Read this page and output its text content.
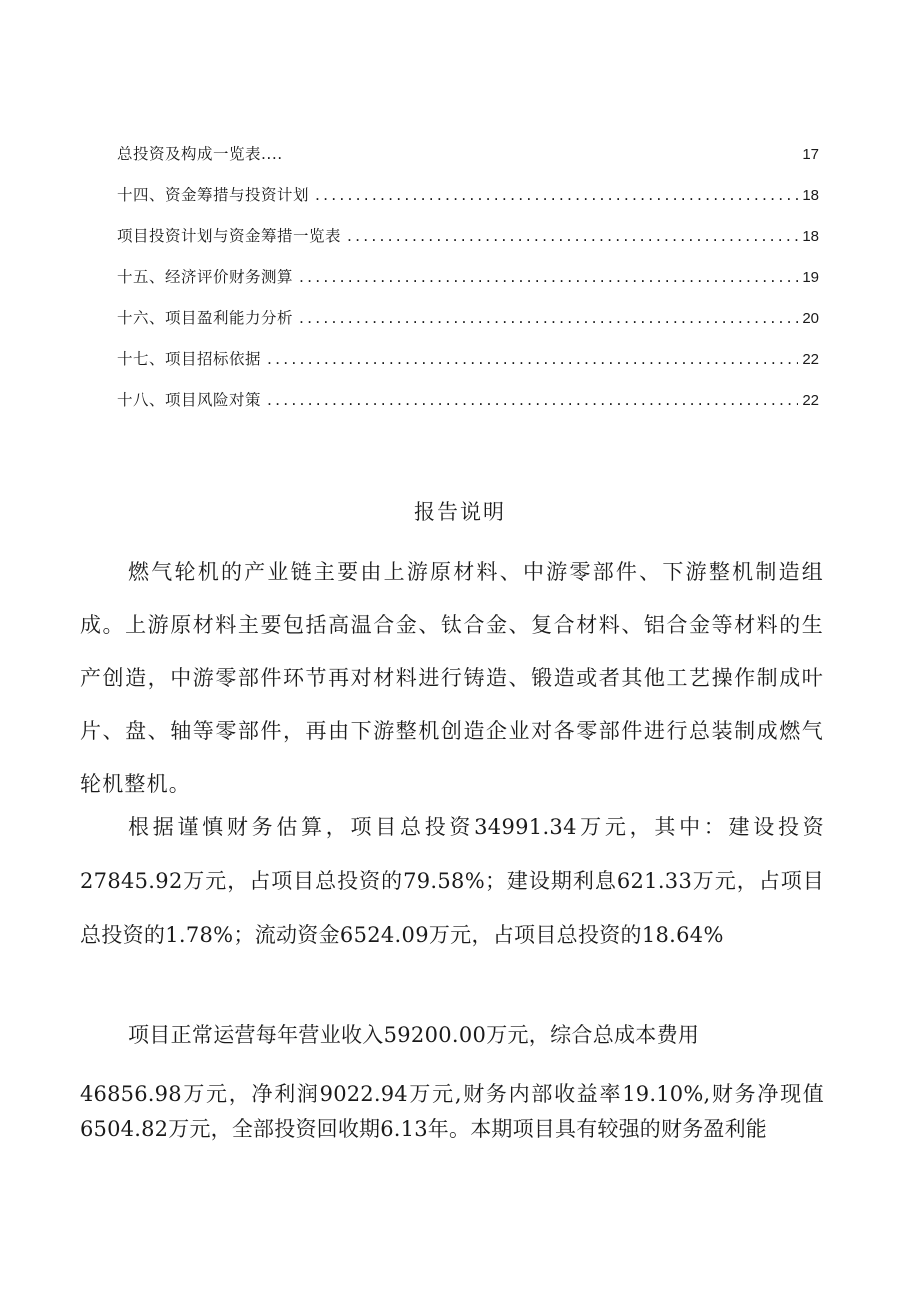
总投资及构成一览表....	17
十四、资金筹措与投资计划 .....	18
项目投资计划与资金筹措一览表 .....	18
十五、经济评价财务测算 .....	19
十六、项目盈利能力分析 .....	20
十七、项目招标依据 .....	22
十八、项目风险对策 .....	22
报告说明

燃气轮机的产业链主要由上游原材料、中游零部件、下游整机制造组成。上游原材料主要包括高温合金、钛合金、复合材料、铝合金等材料的生产创造，中游零部件环节再对材料进行铸造、锻造或者其他工艺操作制成叶片、盘、轴等零部件，再由下游整机创造企业对各零部件进行总装制成燃气轮机整机。

根据谨慎财务估算，项目总投资34991.34万元，其中：建设投资27845.92万元，占项目总投资的79.58%；建设期利息621.33万元，占项目总投资的1.78%；流动资金6524.09万元，占项目总投资的18.64%

项目正常运营每年营业收入59200.00万元，综合总成本费用

46856.98万元，净利润9022.94万元,财务内部收益率19.10%,财务净现值6504.82万元，全部投资回收期6.13年。本期项目具有较强的财务盈利能
